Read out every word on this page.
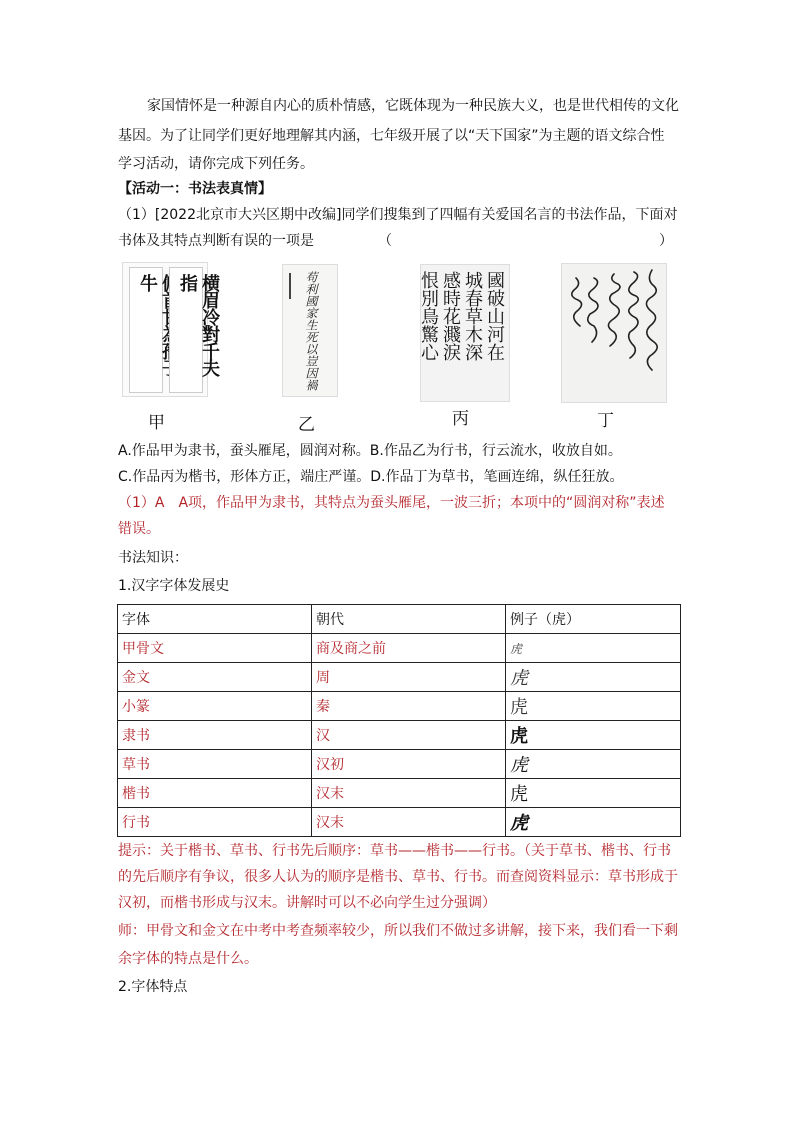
家国情怀是一种源自内心的质朴情感，它既体现为一种民族大义，也是世代相传的文化
基因。为了让同学们更好地理解其内涵，七年级开展了以“天下国家”为主题的语文综合性
学习活动，请你完成下列任务。
【活动一：书法表真情】
（1）[2022北京市大兴区期中改编]同学们搜集到了四幅有关爱国名言的书法作品，下面对
书体及其特点判断有误的一项是	（	）
牛	横眉冷對千夫指
甲
苟利國家生死以豈因禍
乙
國破山河在
城春草木深
感時花濺淚
恨別鳥驚心
丙	丁
A.作品甲为隶书，蚕头雁尾，圆润对称。B.作品乙为行书，行云流水，收放自如。
C.作品丙为楷书，形体方正，端庄严谨。D.作品丁为草书，笔画连绵，纵任狂放。
（1）A　A项，作品甲为隶书，其特点为蚕头雁尾，一波三折；本项中的“圆润对称”表述
错误。
书法知识：
1.汉字字体发展史
字体	朝代	例子（虎）
甲骨文	商及商之前	虎
金文	周	虎
小篆	秦	虎
隶书	汉	虎
草书	汉初	虎
楷书	汉末	虎
行书	汉末	虎
提示：关于楷书、草书、行书先后顺序：草书——楷书——行书。（关于草书、楷书、行书
的先后顺序有争议，很多人认为的顺序是楷书、草书、行书。而查阅资料显示：草书形成于
汉初，而楷书形成与汉末。讲解时可以不必向学生过分强调）
师：甲骨文和金文在中考中考查频率较少，所以我们不做过多讲解，接下来，我们看一下剩
余字体的特点是什么。
2.字体特点
